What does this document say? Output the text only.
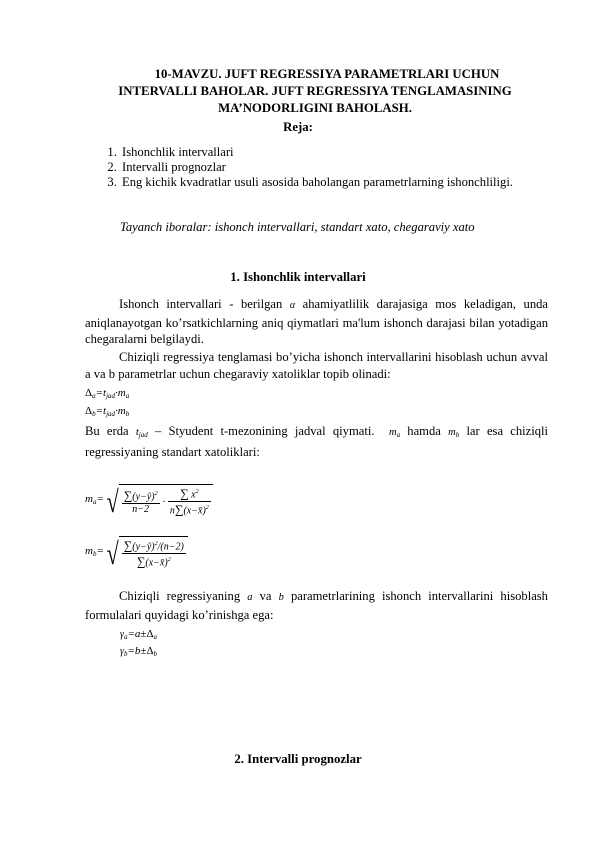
10-MAVZU. JUFT REGRESSIYA PARAMETRLARI UCHUN
INTERVALLI BAHOLAR. JUFT REGRESSIYA TENGLAMASINING
MA’NODORLIGINI BAHOLASH.
Reja:
1. Ishonchlik intervallari
2. Intervalli prognozlar
3. Eng kichik kvadratlar usuli asosida baholangan parametrlarning ishonchliligi.
Tayanch iboralar: ishonch intervallari, standart xato, chegaraviy xato
1. Ishonchlik intervallari
Ishonch intervallari - berilgan α ahamiyatlilik darajasiga mos keladigan, unda aniqlanayotgan ko’rsatkichlarning aniq qiymatlari ma'lum ishonch darajasi bilan yotadigan chegaralarni belgilaydi.
Chiziqli regressiya tenglamasi bo’yicha ishonch intervallarini hisoblash uchun avval a va b parametrlar uchun chegaraviy xatoliklar topib olinadi:
$\Delta_a=t_{jad}\cdot m_a$
$\Delta_b=t_{jad}\cdot m_b$
Bu erda $t_{jad}$ – Styudent t-mezonining jadval qiymati. $m_a$ hamda $m_b$ lar esa chiziqli regressiyaning standart xatoliklari:
$m_a=$ √ $\frac{\sum(y-ŷ)^2}{n-2} \cdot \frac{\sum x^2}{n\sum(x-x̄)^2}$
$m_b=$ √ $\frac{\sum(y-ŷ)^2/(n-2)}{\sum(x-x̄)^2}$
Chiziqli regressiyaning a va b parametrlarining ishonch intervallarini hisoblash formulalari quyidagi ko’rinishga ega:
$\gamma_a=a\pm\Delta_a$
$\gamma_b=b\pm\Delta_b$
2. Intervalli prognozlar
